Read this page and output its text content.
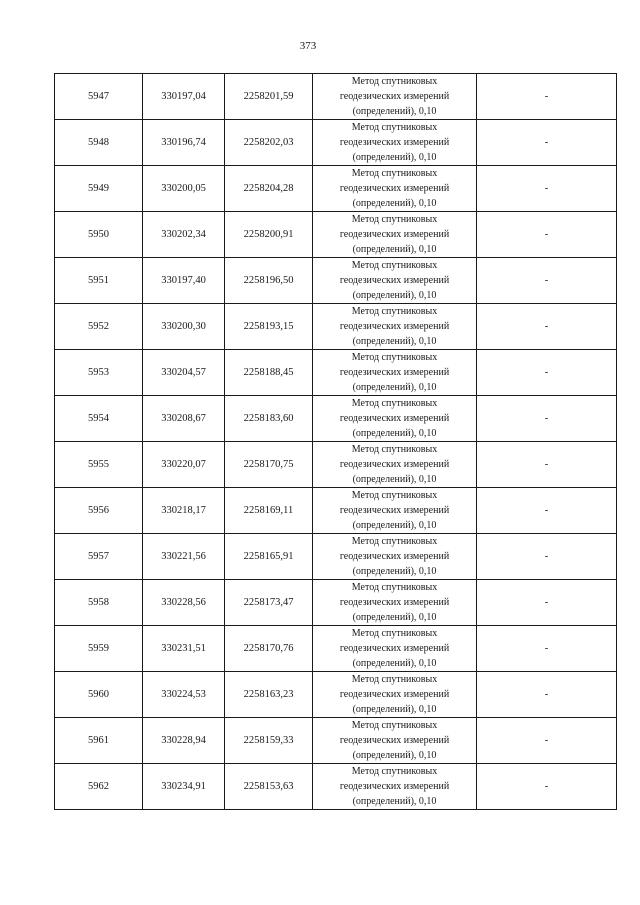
373
5947	330197,04	2258201,59	Метод спутниковых
геодезических измерений
(определений), 0,10	-
5948	330196,74	2258202,03	Метод спутниковых
геодезических измерений
(определений), 0,10	-
5949	330200,05	2258204,28	Метод спутниковых
геодезических измерений
(определений), 0,10	-
5950	330202,34	2258200,91	Метод спутниковых
геодезических измерений
(определений), 0,10	-
5951	330197,40	2258196,50	Метод спутниковых
геодезических измерений
(определений), 0,10	-
5952	330200,30	2258193,15	Метод спутниковых
геодезических измерений
(определений), 0,10	-
5953	330204,57	2258188,45	Метод спутниковых
геодезических измерений
(определений), 0,10	-
5954	330208,67	2258183,60	Метод спутниковых
геодезических измерений
(определений), 0,10	-
5955	330220,07	2258170,75	Метод спутниковых
геодезических измерений
(определений), 0,10	-
5956	330218,17	2258169,11	Метод спутниковых
геодезических измерений
(определений), 0,10	-
5957	330221,56	2258165,91	Метод спутниковых
геодезических измерений
(определений), 0,10	-
5958	330228,56	2258173,47	Метод спутниковых
геодезических измерений
(определений), 0,10	-
5959	330231,51	2258170,76	Метод спутниковых
геодезических измерений
(определений), 0,10	-
5960	330224,53	2258163,23	Метод спутниковых
геодезических измерений
(определений), 0,10	-
5961	330228,94	2258159,33	Метод спутниковых
геодезических измерений
(определений), 0,10	-
5962	330234,91	2258153,63	Метод спутниковых
геодезических измерений
(определений), 0,10	-
